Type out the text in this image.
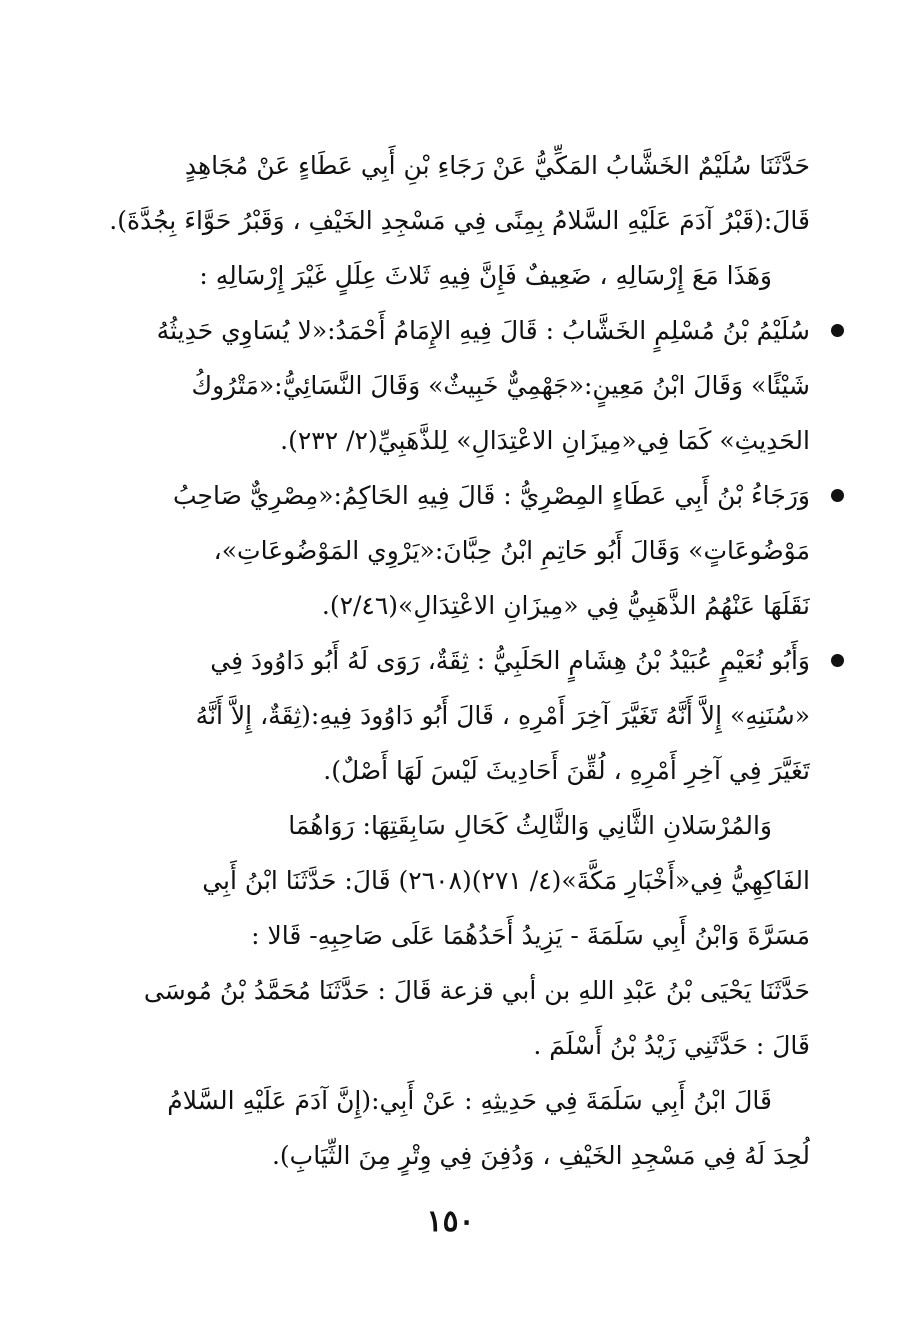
حَدَّثَنَا سُلَيْمٌ الخَشَّابُ المَكِّيُّ عَنْ رَجَاءِ بْنِ أَبِي عَطَاءٍ عَنْ مُجَاهِدٍ
قَالَ:(قَبْرُ آدَمَ عَلَيْهِ السَّلامُ بِمِنًى فِي مَسْجِدِ الخَيْفِ ، وَقَبْرُ حَوَّاءَ بِجُدَّةَ).
وَهَذَا مَعَ إِرْسَالِهِ ، ضَعِيفٌ فَإِنَّ فِيهِ ثَلاثَ عِلَلٍ غَيْرَ إِرْسَالِهِ :
سُلَيْمُ بْنُ مُسْلِمٍ الخَشَّابُ : قَالَ فِيهِ الإِمَامُ أَحْمَدُ:«لا يُسَاوِي حَدِيثُهُ
شَيْئًا» وَقَالَ ابْنُ مَعِينٍ:«جَهْمِيٌّ خَبِيثٌ» وَقَالَ النَّسَائِيُّ:«مَتْرُوكُ
الحَدِيثِ» كَمَا فِي«مِيزَانِ الاعْتِدَالِ» لِلذَّهَبِيِّ(٢/ ٢٣٢).
وَرَجَاءُ بْنُ أَبِي عَطَاءٍ المِصْرِيُّ : قَالَ فِيهِ الحَاكِمُ:«مِصْرِيٌّ صَاحِبُ
مَوْضُوعَاتٍ» وَقَالَ أَبُو حَاتِمِ ابْنُ حِبَّانَ:«يَرْوِي المَوْضُوعَاتِ»،
نَقَلَهَا عَنْهُمُ الذَّهَبِيُّ فِي «مِيزَانِ الاعْتِدَالِ»(٢/٤٦).
وَأَبُو نُعَيْمٍ عُبَيْدُ بْنُ هِشَامٍ الحَلَبِيُّ : ثِقَةٌ، رَوَى لَهُ أَبُو دَاوُودَ فِي
«سُنَنِهِ» إِلاَّ أَنَّهُ تَغَيَّرَ آخِرَ أَمْرِهِ ، قَالَ أَبُو دَاوُودَ فِيهِ:(ثِقَةٌ، إِلاَّ أَنَّهُ
تَغَيَّرَ فِي آخِرِ أَمْرِهِ ، لُقِّنَ أَحَادِيثَ لَيْسَ لَهَا أَصْلٌ).
وَالمُرْسَلانِ الثَّانِي وَالثَّالِثُ كَحَالِ سَابِقَتِهَا: رَوَاهُمَا
الفَاكِهِيُّ فِي«أَخْبَارِ مَكَّةَ»(٤/ ٢٧١)(٢٦٠٨) قَالَ: حَدَّثَنَا ابْنُ أَبِي
مَسَرَّةَ وَابْنُ أَبِي سَلَمَةَ - يَزِيدُ أَحَدُهُمَا عَلَى صَاحِبِهِ- قَالا :
حَدَّثَنَا يَحْيَى بْنُ عَبْدِ اللهِ بن أبي قزعة قَالَ : حَدَّثَنَا مُحَمَّدُ بْنُ مُوسَى
قَالَ : حَدَّثَنِي زَيْدُ بْنُ أَسْلَمَ .
قَالَ ابْنُ أَبِي سَلَمَةَ فِي حَدِيثِهِ : عَنْ أَبِي:(إِنَّ آدَمَ عَلَيْهِ السَّلامُ
لُحِدَ لَهُ فِي مَسْجِدِ الخَيْفِ ، وَدُفِنَ فِي وِتْرٍ مِنَ الثِّيَابِ).
١٥٠
